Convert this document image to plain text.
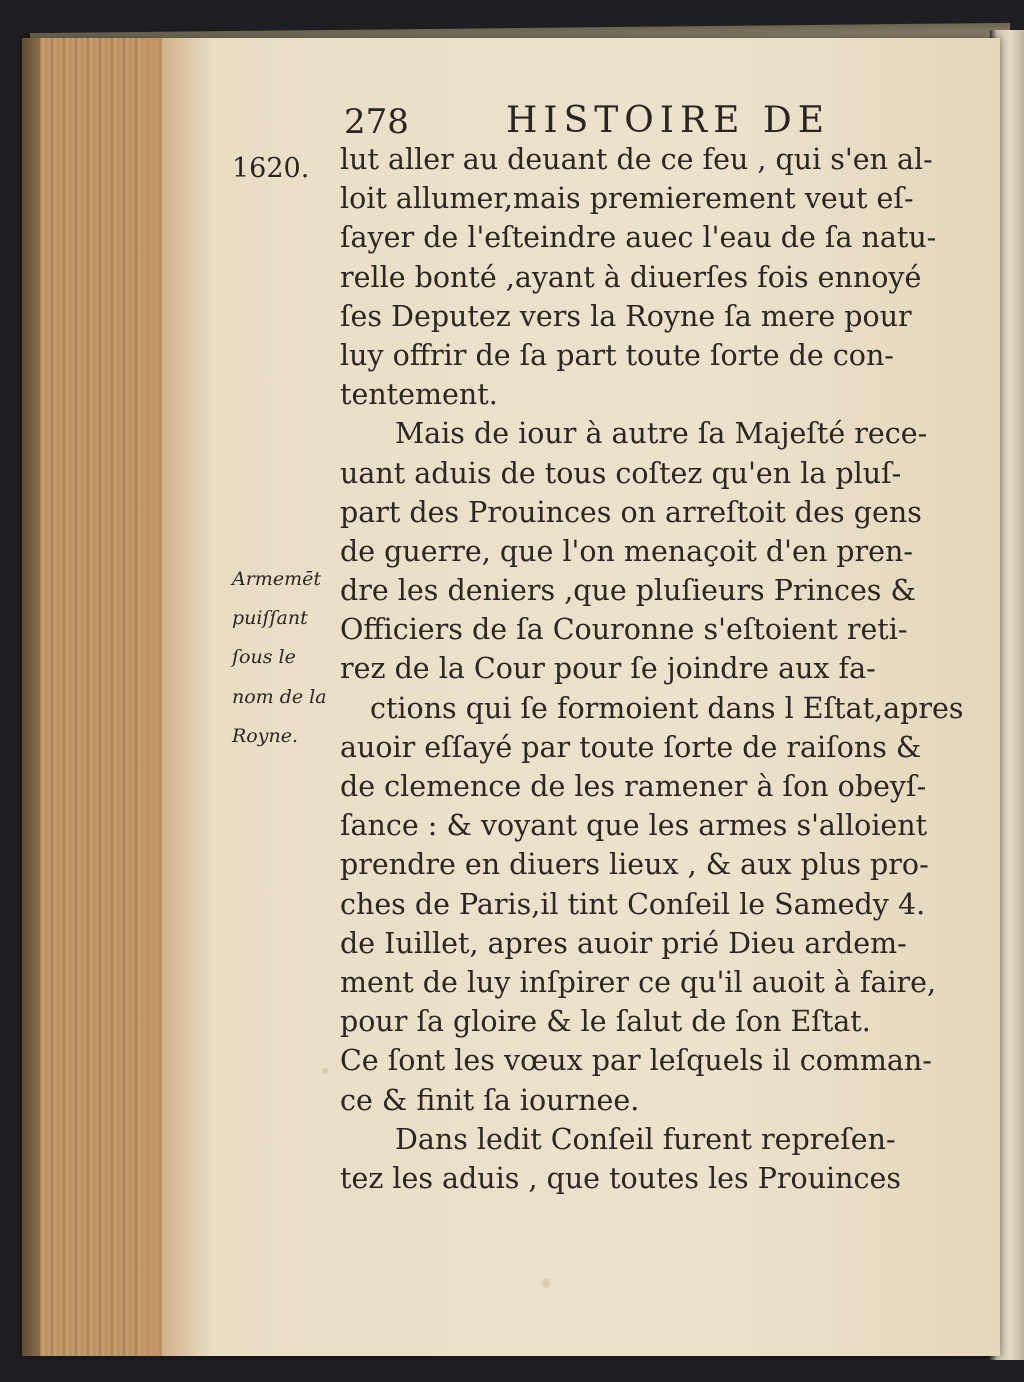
278	HISTOIRE DE
1620. lut aller au deuant de ce feu , qui s'en al-
loit allumer,mais premierement veut eſ-
ſayer de l'eſteindre auec l'eau de ſa natu-
relle bonté ,ayant à diuerſes fois ennoyé
ſes Deputez vers la Royne ſa mere pour
luy offrir de ſa part toute ſorte de con-
tentement.
Mais de iour à autre ſa Majeſté rece-
uant aduis de tous coſtez qu'en la pluſ-
part des Prouinces on arreſtoit des gens
de guerre, que l'on menaçoit d'en pren-
dre les deniers ,que pluſieurs Princes &
Officiers de ſa Couronne s'eſtoient reti-
rez de la Cour pour ſe joindre aux fa-
ctions qui ſe formoient dans l Eſtat,apres
auoir eſſayé par toute ſorte de raiſons &
de clemence de les ramener à ſon obeyſ-
ſance : & voyant que les armes s'alloient
prendre en diuers lieux , & aux plus pro-
ches de Paris,il tint Conſeil le Samedy 4.
de Iuillet, apres auoir prié Dieu ardem-
ment de luy inſpirer ce qu'il auoit à faire,
pour ſa gloire & le ſalut de ſon Eſtat.
Ce ſont les vœux par leſquels il comman-
ce & finit ſa iournee.
Dans ledit Conſeil furent repreſen-
tez les aduis , que toutes les Prouinces
Armemēt
puiſſant
ſous le
nom de la
Royne.
